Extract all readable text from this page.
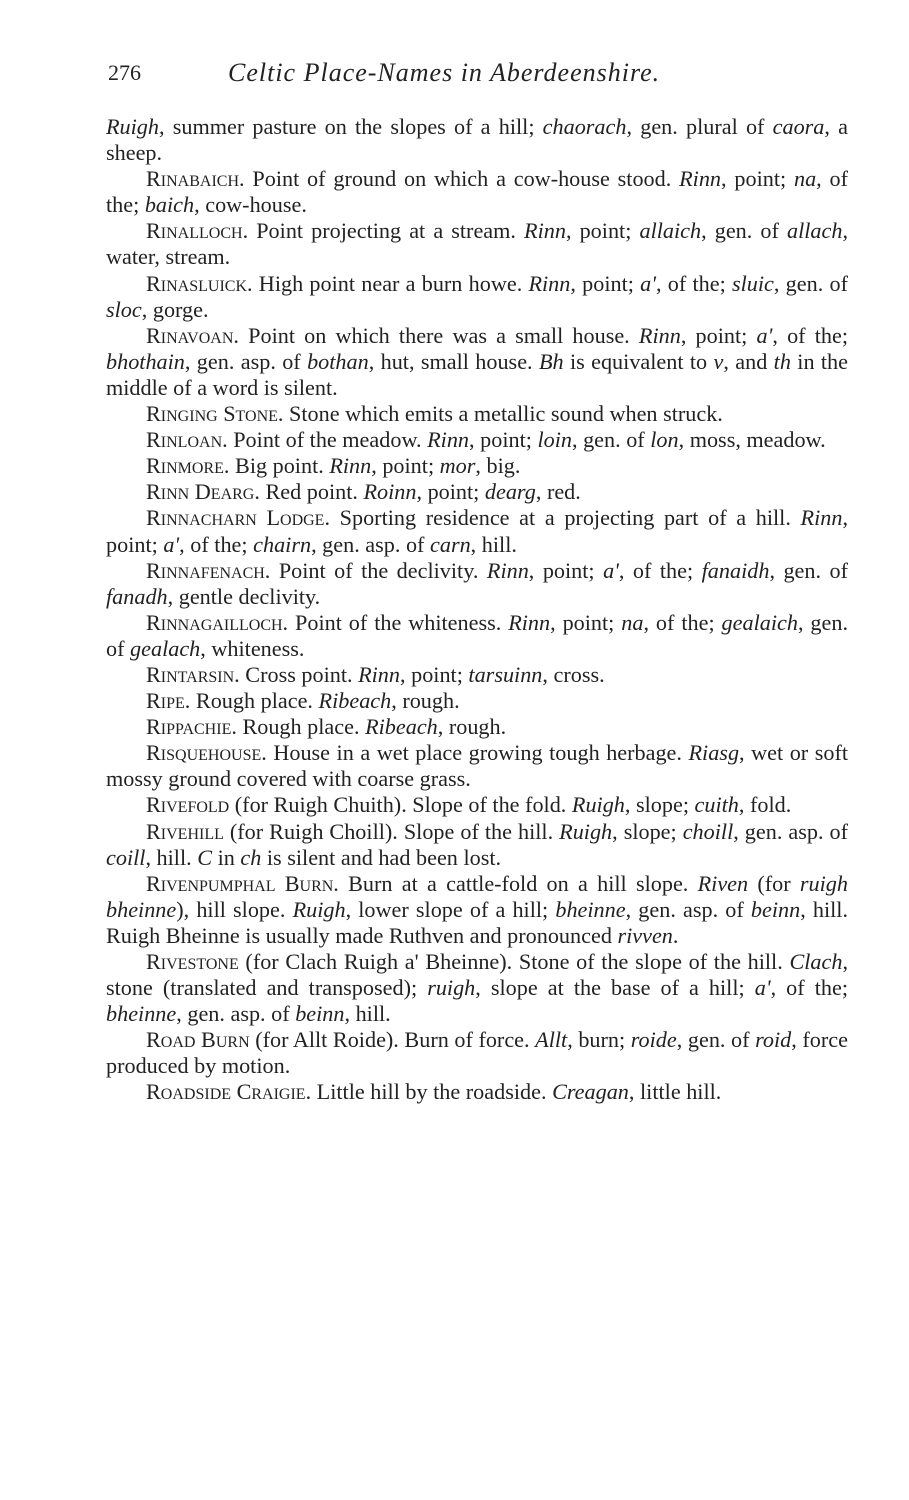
276	Celtic Place-Names in Aberdeenshire.

Ruigh, summer pasture on the slopes of a hill; chaorach, gen. plural of caora, a sheep.

Rinabaich. Point of ground on which a cow-house stood. Rinn, point; na, of the; baich, cow-house.

Rinalloch. Point projecting at a stream. Rinn, point; allaich, gen. of allach, water, stream.

Rinasluick. High point near a burn howe. Rinn, point; a', of the; sluic, gen. of sloc, gorge.

Rinavoan. Point on which there was a small house. Rinn, point; a', of the; bhothain, gen. asp. of bothan, hut, small house. Bh is equivalent to v, and th in the middle of a word is silent.

Ringing Stone. Stone which emits a metallic sound when struck.

Rinloan. Point of the meadow. Rinn, point; loin, gen. of lon, moss, meadow.

Rinmore. Big point. Rinn, point; mor, big.

Rinn Dearg. Red point. Roinn, point; dearg, red.

Rinnacharn Lodge. Sporting residence at a projecting part of a hill. Rinn, point; a', of the; chairn, gen. asp. of carn, hill.

Rinnafenach. Point of the declivity. Rinn, point; a', of the; fanaidh, gen. of fanadh, gentle declivity.

Rinnagailloch. Point of the whiteness. Rinn, point; na, of the; gealaich, gen. of gealach, whiteness.

Rintarsin. Cross point. Rinn, point; tarsuinn, cross.

Ripe. Rough place. Ribeach, rough.

Rippachie. Rough place. Ribeach, rough.

Risquehouse. House in a wet place growing tough herbage. Riasg, wet or soft mossy ground covered with coarse grass.

Rivefold (for Ruigh Chuith). Slope of the fold. Ruigh, slope; cuith, fold.

Rivehill (for Ruigh Choill). Slope of the hill. Ruigh, slope; choill, gen. asp. of coill, hill. C in ch is silent and had been lost.

Rivenpumphal Burn. Burn at a cattle-fold on a hill slope. Riven (for ruigh bheinne), hill slope. Ruigh, lower slope of a hill; bheinne, gen. asp. of beinn, hill. Ruigh Bheinne is usually made Ruthven and pronounced rivven.

Rivestone (for Clach Ruigh a' Bheinne). Stone of the slope of the hill. Clach, stone (translated and transposed); ruigh, slope at the base of a hill; a', of the; bheinne, gen. asp. of beinn, hill.

Road Burn (for Allt Roide). Burn of force. Allt, burn; roide, gen. of roid, force produced by motion.

Roadside Craigie. Little hill by the roadside. Creagan, little hill.
